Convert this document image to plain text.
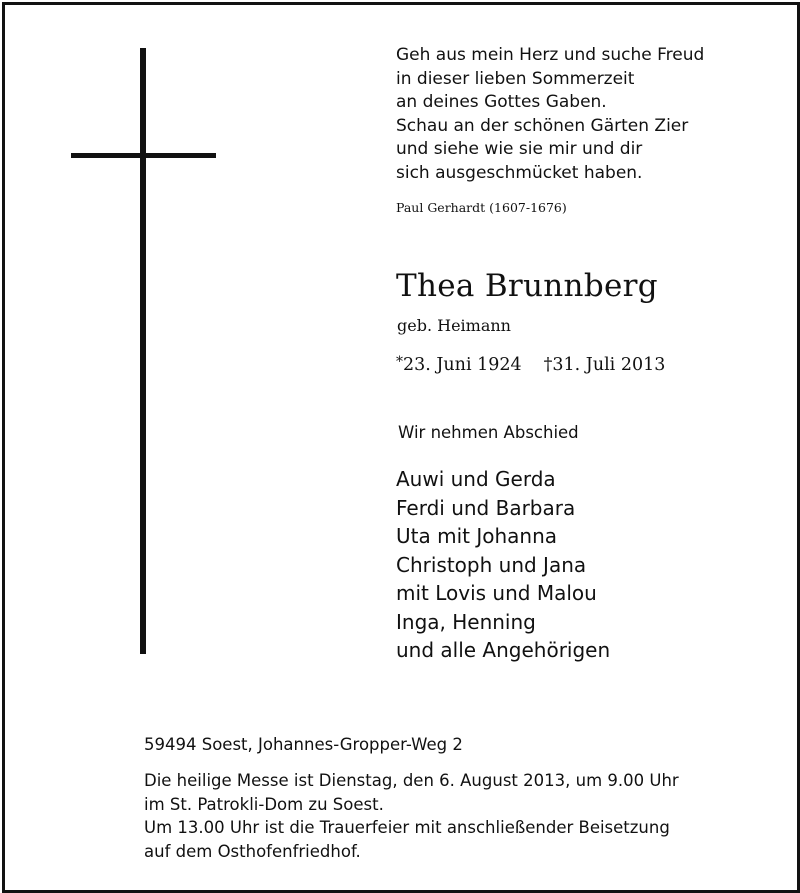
Geh aus mein Herz und suche Freud
in dieser lieben Sommerzeit
an deines Gottes Gaben.
Schau an der schönen Gärten Zier
und siehe wie sie mir und dir
sich ausgeschmücket haben.
Paul Gerhardt (1607-1676)
Thea Brunnberg
geb. Heimann
*23. Juni 1924 †31. Juli 2013
Wir nehmen Abschied
Auwi und Gerda
Ferdi und Barbara
Uta mit Johanna
Christoph und Jana
mit Lovis und Malou
Inga, Henning
und alle Angehörigen
59494 Soest, Johannes-Gropper-Weg 2
Die heilige Messe ist Dienstag, den 6. August 2013, um 9.00 Uhr
im St. Patrokli-Dom zu Soest.
Um 13.00 Uhr ist die Trauerfeier mit anschließender Beisetzung
auf dem Osthofenfriedhof.
